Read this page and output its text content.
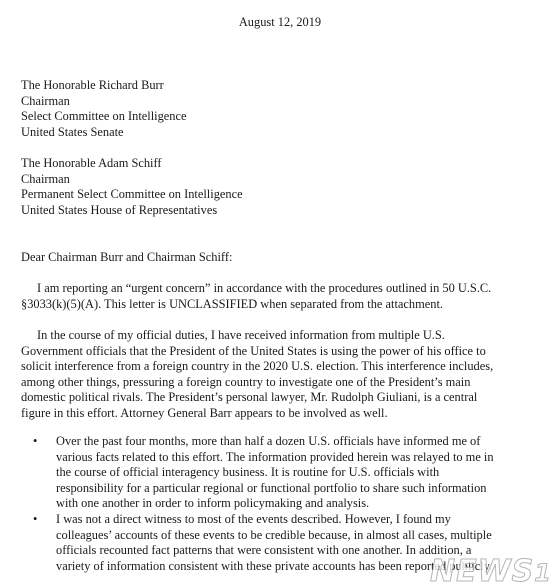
August 12, 2019
The Honorable Richard Burr
Chairman
Select Committee on Intelligence
United States Senate
The Honorable Adam Schiff
Chairman
Permanent Select Committee on Intelligence
United States House of Representatives
Dear Chairman Burr and Chairman Schiff:
I am reporting an “urgent concern” in accordance with the procedures outlined in 50 U.S.C.
§3033(k)(5)(A). This letter is UNCLASSIFIED when separated from the attachment.
In the course of my official duties, I have received information from multiple U.S.
Government officials that the President of the United States is using the power of his office to
solicit interference from a foreign country in the 2020 U.S. election. This interference includes,
among other things, pressuring a foreign country to investigate one of the President’s main
domestic political rivals. The President’s personal lawyer, Mr. Rudolph Giuliani, is a central
figure in this effort. Attorney General Barr appears to be involved as well.
• Over the past four months, more than half a dozen U.S. officials have informed me of
various facts related to this effort. The information provided herein was relayed to me in
the course of official interagency business. It is routine for U.S. officials with
responsibility for a particular regional or functional portfolio to share such information
with one another in order to inform policymaking and analysis.
• I was not a direct witness to most of the events described. However, I found my
colleagues’ accounts of these events to be credible because, in almost all cases, multiple
officials recounted fact patterns that were consistent with one another. In addition, a
variety of information consistent with these private accounts has been reported publicly.
NEWS1
